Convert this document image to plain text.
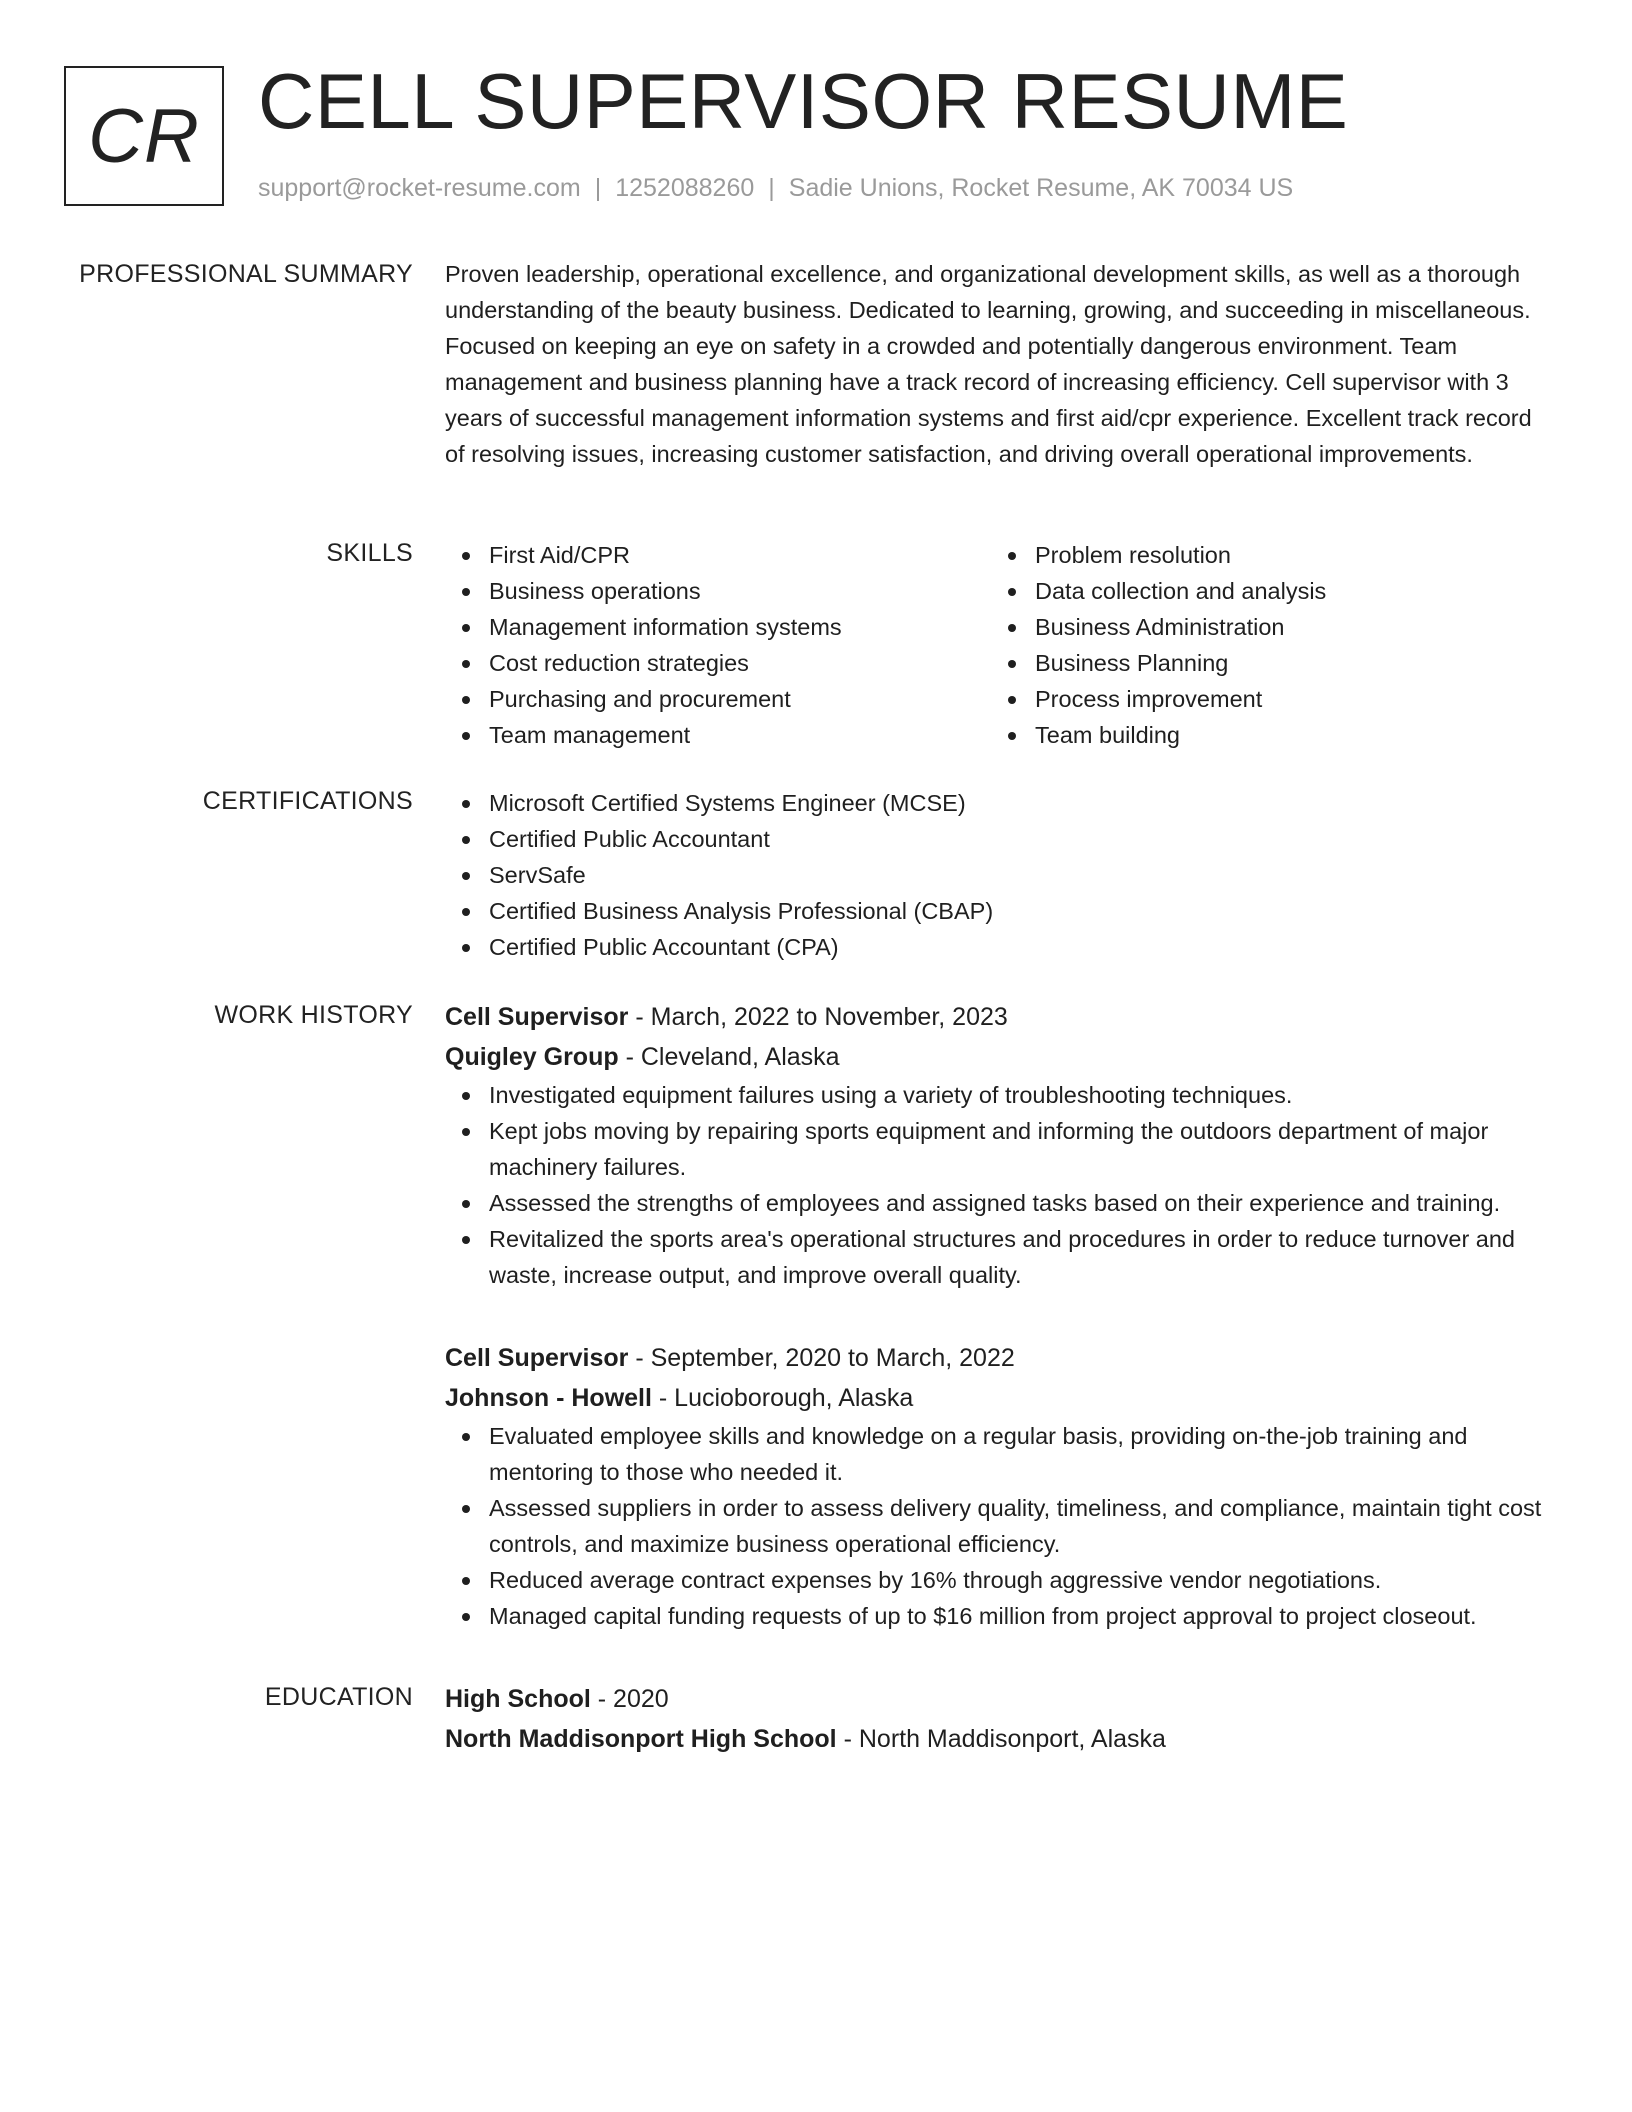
CR CELL SUPERVISOR RESUME
support@rocket-resume.com | 1252088260 | Sadie Unions, Rocket Resume, AK 70034 US
PROFESSIONAL SUMMARY Proven leadership, operational excellence, and organizational development skills, as well as a thorough understanding of the beauty business. Dedicated to learning, growing, and succeeding in miscellaneous. Focused on keeping an eye on safety in a crowded and potentially dangerous environment. Team management and business planning have a track record of increasing efficiency. Cell supervisor with 3 years of successful management information systems and first aid/cpr experience. Excellent track record of resolving issues, increasing customer satisfaction, and driving overall operational improvements.

SKILLS	First Aid/CPR
Business operations
Management information systems
Cost reduction strategies
Purchasing and procurement
Team management
Problem resolution
Data collection and analysis
Business Administration
Business Planning
Process improvement
Team building
CERTIFICATIONS	Microsoft Certified Systems Engineer (MCSE)
Certified Public Accountant
ServSafe
Certified Business Analysis Professional (CBAP)
Certified Public Accountant (CPA)
WORK HISTORY Cell Supervisor - March, 2022 to November, 2023
Quigley Group - Cleveland, Alaska
Investigated equipment failures using a variety of troubleshooting techniques.
Kept jobs moving by repairing sports equipment and informing the outdoors department of major machinery failures.
Assessed the strengths of employees and assigned tasks based on their experience and training.
Revitalized the sports area's operational structures and procedures in order to reduce turnover and waste, increase output, and improve overall quality.
Cell Supervisor - September, 2020 to March, 2022
Johnson - Howell - Lucioborough, Alaska
Evaluated employee skills and knowledge on a regular basis, providing on-the-job training and mentoring to those who needed it.
Assessed suppliers in order to assess delivery quality, timeliness, and compliance, maintain tight cost controls, and maximize business operational efficiency.
Reduced average contract expenses by 16% through aggressive vendor negotiations.
Managed capital funding requests of up to $16 million from project approval to project closeout.
EDUCATION High School - 2020
North Maddisonport High School - North Maddisonport, Alaska
